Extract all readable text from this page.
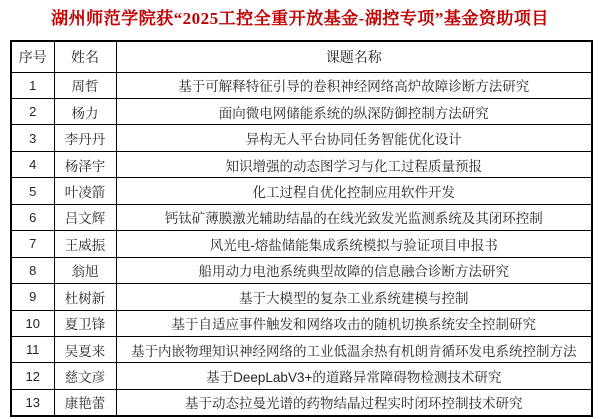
湖州师范学院获“2025工控全重开放基金-湖控专项”基金资助项目
序号	姓名	课题名称
1	周哲	基于可解释特征引导的卷积神经网络高炉故障诊断方法研究
2	杨力	面向微电网储能系统的纵深防御控制方法研究
3	李丹丹	异构无人平台协同任务智能优化设计
4	杨泽宇	知识增强的动态图学习与化工过程质量预报
5	叶凌箭	化工过程自优化控制应用软件开发
6	吕文辉	钙钛矿薄膜激光辅助结晶的在线光致发光监测系统及其闭环控制
7	王威振	风光电-熔盐储能集成系统模拟与验证项目申报书
8	翁旭	船用动力电池系统典型故障的信息融合诊断方法研究
9	杜树新	基于大模型的复杂工业系统建模与控制
10	夏卫锋	基于自适应事件触发和网络攻击的随机切换系统安全控制研究
11	吴夏来	基于内嵌物理知识神经网络的工业低温余热有机朗肯循环发电系统控制方法
12	慈文彦	基于DeepLabV3+的道路异常障碍物检测技术研究
13	康艳蕾	基于动态拉曼光谱的药物结晶过程实时闭环控制技术研究
